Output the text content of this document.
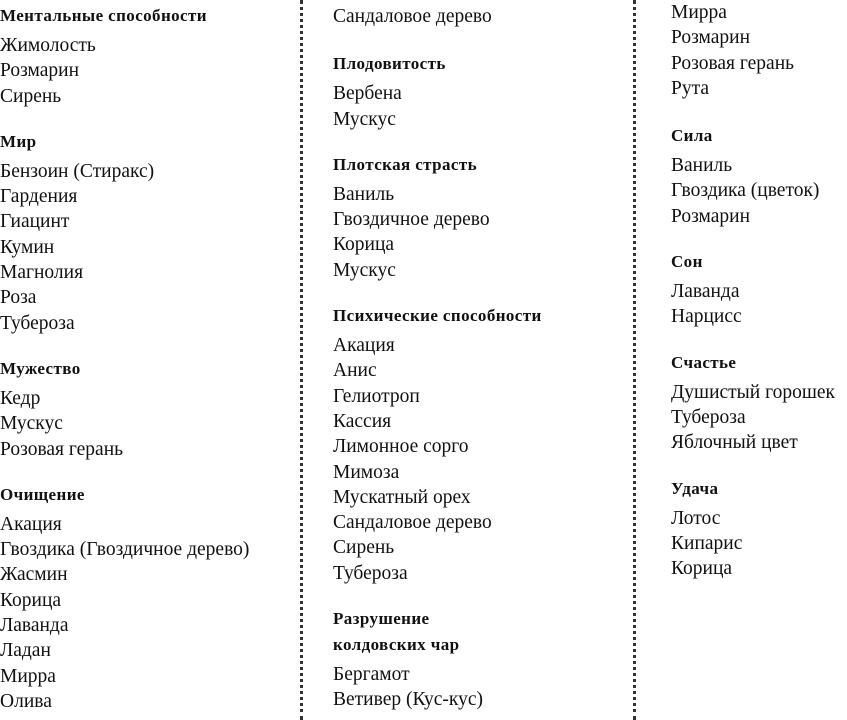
Ментальные способности
Жимолость
Розмарин
Сирень
Мир
Бензоин (Стиракс)
Гардения
Гиацинт
Кумин
Магнолия
Роза
Тубероза
Мужество
Кедр
Мускус
Розовая герань
Очищение
Акация
Гвоздика (Гвоздичное дерево)
Жасмин
Корица
Лаванда
Ладан
Мирра
Олива
Сандаловое дерево
Плодовитость
Вербена
Мускус
Плотская страсть
Ваниль
Гвоздичное дерево
Корица
Мускус
Психические способности
Акация
Анис
Гелиотроп
Кассия
Лимонное сорго
Мимоза
Мускатный орех
Сандаловое дерево
Сирень
Тубероза
Разрушение
колдовских чар
Бергамот
Ветивер (Кус-кус)
Мирра
Розмарин
Розовая герань
Рута
Сила
Ваниль
Гвоздика (цветок)
Розмарин
Сон
Лаванда
Нарцисс
Счастье
Душистый горошек
Тубероза
Яблочный цвет
Удача
Лотос
Кипарис
Корица
